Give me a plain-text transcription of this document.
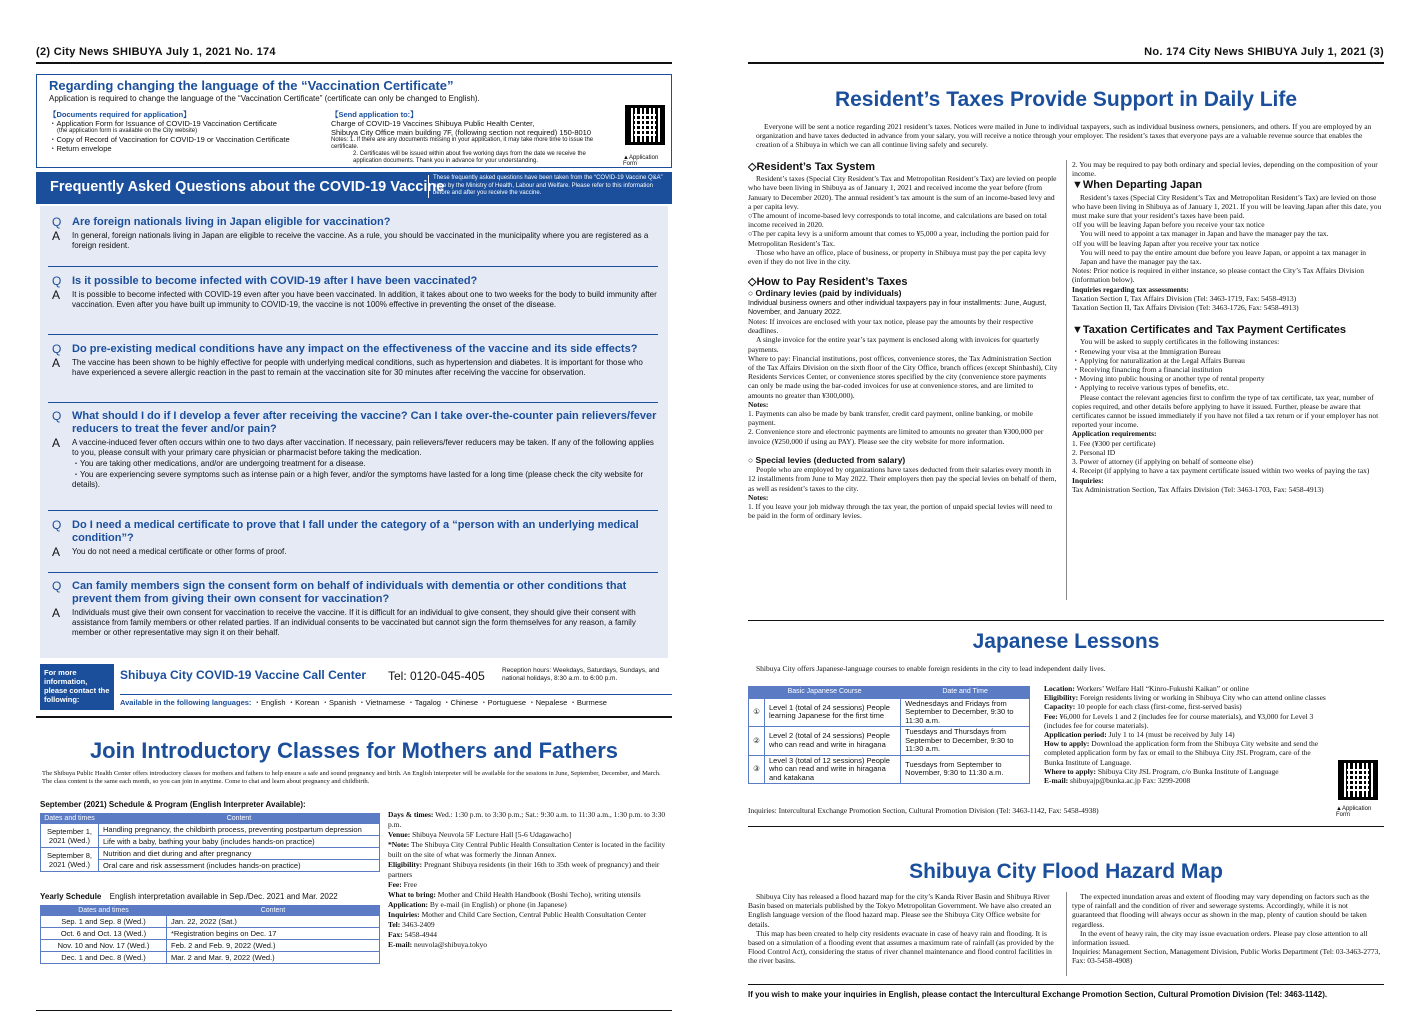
(2) City News SHIBUYA July 1, 2021 No. 174
Regarding changing the language of the “Vaccination Certificate”
Application is required to change the language of the “Vaccination Certificate” (certificate can only be changed to English).
【Documents required for application】
・Application Form for Issuance of COVID-19 Vaccination Certificate
(the application form is available on the City website)
・Copy of Record of Vaccination for COVID-19 or Vaccination Certificate
・Return envelope
【Send application to:】
Charge of COVID-19 Vaccines Shibuya Public Health Center,
Shibuya City Office main building 7F, (following section not required) 150-8010
Notes: 1. If there are any documents missing in your application, it may take more time to issue the certificate.
2. Certificates will be issued within about five working days from the date we receive the application documents. Thank you in advance for your understanding.	▲Application Form
Frequently Asked Questions about the COVID-19 Vaccine
These frequently asked questions have been taken from the “COVID-19 Vaccine Q&A” page by the Ministry of Health, Labour and Welfare. Please refer to this information before and after you receive the vaccine.
Q Are foreign nationals living in Japan eligible for vaccination?
A In general, foreign nationals living in Japan are eligible to receive the vaccine. As a rule, you should be vaccinated in the municipality where you are registered as a foreign resident.
Q Is it possible to become infected with COVID-19 after I have been vaccinated?
A It is possible to become infected with COVID-19 even after you have been vaccinated. In addition, it takes about one to two weeks for the body to build immunity after vaccination. Even after you have built up immunity to COVID-19, the vaccine is not 100% effective in preventing the onset of the disease.
Q Do pre-existing medical conditions have any impact on the effectiveness of the vaccine and its side effects?
A The vaccine has been shown to be highly effective for people with underlying medical conditions, such as hypertension and diabetes. It is important for those who have experienced a severe allergic reaction in the past to remain at the vaccination site for 30 minutes after receiving the vaccine for observation.
Q What should I do if I develop a fever after receiving the vaccine? Can I take over-the-counter pain relievers/fever reducers to treat the fever and/or pain?
A A vaccine-induced fever often occurs within one to two days after vaccination. If necessary, pain relievers/fever reducers may be taken. If any of the following applies to you, please consult with your primary care physician or pharmacist before taking the medication.
・You are taking other medications, and/or are undergoing treatment for a disease.
・You are experiencing severe symptoms such as intense pain or a high fever, and/or the symptoms have lasted for a long time (please check the city website for details).
Q Do I need a medical certificate to prove that I fall under the category of a “person with an underlying medical condition”?
A You do not need a medical certificate or other forms of proof.
Q Can family members sign the consent form on behalf of individuals with dementia or other conditions that prevent them from giving their own consent for vaccination?
A Individuals must give their own consent for vaccination to receive the vaccine. If it is difficult for an individual to give consent, they should give their consent with assistance from family members or other related parties. If an individual consents to be vaccinated but cannot sign the form themselves for any reason, a family member or other representative may sign it on their behalf.
For more information, please contact the following:
Shibuya City COVID-19 Vaccine Call Center Tel: 0120-045-405	Reception hours: Weekdays, Saturdays, Sundays, and national holidays, 8:30 a.m. to 6:00 p.m.
Available in the following languages: ・English ・Korean ・Spanish ・Vietnamese ・Tagalog ・Chinese ・Portuguese ・Nepalese ・Burmese
Join Introductory Classes for Mothers and Fathers
The Shibuya Public Health Center offers introductory classes for mothers and fathers to help ensure a safe and sound pregnancy and birth. An English interpreter will be available for the sessions in June, September, December, and March. The class content is the same each month, so you can join in anytime. Come to chat and learn about pregnancy and childbirth.
September (2021) Schedule & Program (English Interpreter Available):
Dates and times	Content
September 1, 2021 (Wed.)	Handling pregnancy, the childbirth process, preventing postpartum depression
	Life with a baby, bathing your baby (includes hands-on practice)
September 8, 2021 (Wed.)	Nutrition and diet during and after pregnancy
	Oral care and risk assessment (includes hands-on practice)
Yearly Schedule English interpretation available in Sep./Dec. 2021 and Mar. 2022
Dates and times	Content
Sep. 1 and Sep. 8 (Wed.)	Jan. 22, 2022 (Sat.)
Oct. 6 and Oct. 13 (Wed.)	*Registration begins on Dec. 17
Nov. 10 and Nov. 17 (Wed.)	Feb. 2 and Feb. 9, 2022 (Wed.)
Dec. 1 and Dec. 8 (Wed.)	Mar. 2 and Mar. 9, 2022 (Wed.)
Days & times: Wed.: 1:30 p.m. to 3:30 p.m.; Sat.: 9:30 a.m. to 11:30 a.m., 1:30 p.m. to 3:30 p.m.
Venue: Shibuya Neuvola 5F Lecture Hall [5-6 Udagawacho]
*Note: The Shibuya City Central Public Health Consultation Center is located in the facility built on the site of what was formerly the Jinnan Annex.
Eligibility: Pregnant Shibuya residents (in their 16th to 35th week of pregnancy) and their partners
Fee: Free
What to bring: Mother and Child Health Handbook (Boshi Techo), writing utensils
Application: By e-mail (in English) or phone (in Japanese)
Inquiries: Mother and Child Care Section, Central Public Health Consultation Center
Tel: 3463-2409
Fax: 5458-4944
E-mail: neuvola@shibuya.tokyo
No. 174 City News SHIBUYA July 1, 2021 (3)
Resident’s Taxes Provide Support in Daily Life
Everyone will be sent a notice regarding 2021 resident’s taxes. Notices were mailed in June to individual taxpayers, such as individual business owners, pensioners, and others. If you are employed by an organization and have taxes deducted in advance from your salary, you will receive a notice through your employer. The resident’s taxes that everyone pays are a valuable revenue source that enables the creation of a Shibuya in which we can all continue living safely and securely.
◇Resident’s Tax System
Resident’s taxes (Special City Resident’s Tax and Metropolitan Resident’s Tax) are levied on people who have been living in Shibuya as of January 1, 2021 and received income the year before (from January to December 2020). The annual resident’s tax amount is the sum of an income-based levy and a per capita levy.
○The amount of income-based levy corresponds to total income, and calculations are based on total income received in 2020.
○The per capita levy is a uniform amount that comes to ¥5,000 a year, including the portion paid for Metropolitan Resident’s Tax.
Those who have an office, place of business, or property in Shibuya must pay the per capita levy even if they do not live in the city.
◇How to Pay Resident’s Taxes
○ Ordinary levies (paid by individuals)
Individual business owners and other individual taxpayers pay in four installments: June, August, November, and January 2022.
Notes: If invoices are enclosed with your tax notice, please pay the amounts by their respective deadlines.
A single invoice for the entire year’s tax payment is enclosed along with invoices for quarterly payments.
Where to pay: Financial institutions, post offices, convenience stores, the Tax Administration Section of the Tax Affairs Division on the sixth floor of the City Office, branch offices (except Shinbashi), City Residents Services Center, or convenience stores specified by the city (convenience store payments can only be made using the bar-coded invoices for use at convenience stores, and are limited to amounts no greater than ¥300,000).
Notes:
1. Payments can also be made by bank transfer, credit card payment, online banking, or mobile payment.
2. Convenience store and electronic payments are limited to amounts no greater than ¥300,000 per invoice (¥250,000 if using au PAY). Please see the city website for more information.
○ Special levies (deducted from salary)
People who are employed by organizations have taxes deducted from their salaries every month in 12 installments from June to May 2022. Their employers then pay the special levies on behalf of them, as well as resident’s taxes to the city.
Notes:
1. If you leave your job midway through the tax year, the portion of unpaid special levies will need to be paid in the form of ordinary levies.
2. You may be required to pay both ordinary and special levies, depending on the composition of your income.
▼When Departing Japan
Resident’s taxes (Special City Resident’s Tax and Metropolitan Resident’s Tax) are levied on those who have been living in Shibuya as of January 1, 2021. If you will be leaving Japan after this date, you must make sure that your resident’s taxes have been paid.
○If you will be leaving Japan before you receive your tax notice
You will need to appoint a tax manager in Japan and have the manager pay the tax.
○If you will be leaving Japan after you receive your tax notice
You will need to pay the entire amount due before you leave Japan, or appoint a tax manager in Japan and have the manager pay the tax.
Notes: Prior notice is required in either instance, so please contact the City’s Tax Affairs Division (information below).
Inquiries regarding tax assessments:
Taxation Section I, Tax Affairs Division (Tel: 3463-1719, Fax: 5458-4913)
Taxation Section II, Tax Affairs Division (Tel: 3463-1726, Fax: 5458-4913)
▼Taxation Certificates and Tax Payment Certificates
You will be asked to supply certificates in the following instances:
・Renewing your visa at the Immigration Bureau
・Applying for naturalization at the Legal Affairs Bureau
・Receiving financing from a financial institution
・Moving into public housing or another type of rental property
・Applying to receive various types of benefits, etc.
Please contact the relevant agencies first to confirm the type of tax certificate, tax year, number of copies required, and other details before applying to have it issued. Further, please be aware that certificates cannot be issued immediately if you have not filed a tax return or if your employer has not reported your income.
Application requirements:
1. Fee (¥300 per certificate)
2. Personal ID
3. Power of attorney (if applying on behalf of someone else)
4. Receipt (if applying to have a tax payment certificate issued within two weeks of paying the tax)
Inquiries:
Tax Administration Section, Tax Affairs Division (Tel: 3463-1703, Fax: 5458-4913)
Japanese Lessons
Shibuya City offers Japanese-language courses to enable foreign residents in the city to lead independent daily lives.
Basic Japanese Course		Date and Time
①	Level 1 (total of 24 sessions) People learning Japanese for the first time	Wednesdays and Fridays from September to December, 9:30 to 11:30 a.m.
②	Level 2 (total of 24 sessions) People who can read and write in hiragana	Tuesdays and Thursdays from September to December, 9:30 to 11:30 a.m.
③	Level 3 (total of 12 sessions) People who can read and write in hiragana and katakana	Tuesdays from September to November, 9:30 to 11:30 a.m.
Location: Workers’ Welfare Hall “Kinro-Fukushi Kaikan” or online
Eligibility: Foreign residents living or working in Shibuya City who can attend online classes
Capacity: 10 people for each class (first-come, first-served basis)
Fee: ¥6,000 for Levels 1 and 2 (includes fee for course materials), and ¥3,000 for Level 3 (includes fee for course materials).
Application period: July 1 to 14 (must be received by July 14)
How to apply: Download the application form from the Shibuya City website and send the completed application form by fax or email to the Shibuya City JSL Program, care of the Bunka Institute of Language.
Where to apply: Shibuya City JSL Program, c/o Bunka Institute of Language
E-mail: shibuyajp@bunka.ac.jp Fax: 3299-2008
▲Application Form
Inquiries: Intercultural Exchange Promotion Section, Cultural Promotion Division (Tel: 3463-1142, Fax: 5458-4938)
Shibuya City Flood Hazard Map
Shibuya City has released a flood hazard map for the city’s Kanda River Basin and Shibuya River Basin based on materials published by the Tokyo Metropolitan Government. We have also created an English language version of the flood hazard map. Please see the Shibuya City Office website for details.
This map has been created to help city residents evacuate in case of heavy rain and flooding. It is based on a simulation of a flooding event that assumes a maximum rate of rainfall (as provided by the Flood Control Act), considering the status of river channel maintenance and flood control facilities in the river basins.
The expected inundation areas and extent of flooding may vary depending on factors such as the type of rainfall and the condition of river and sewerage systems. Accordingly, while it is not guaranteed that flooding will always occur as shown in the map, plenty of caution should be taken regardless.
In the event of heavy rain, the city may issue evacuation orders. Please pay close attention to all information issued.
Inquiries: Management Section, Management Division, Public Works Department (Tel: 03-3463-2773, Fax: 03-5458-4908)
If you wish to make your inquiries in English, please contact the Intercultural Exchange Promotion Section, Cultural Promotion Division (Tel: 3463-1142).
